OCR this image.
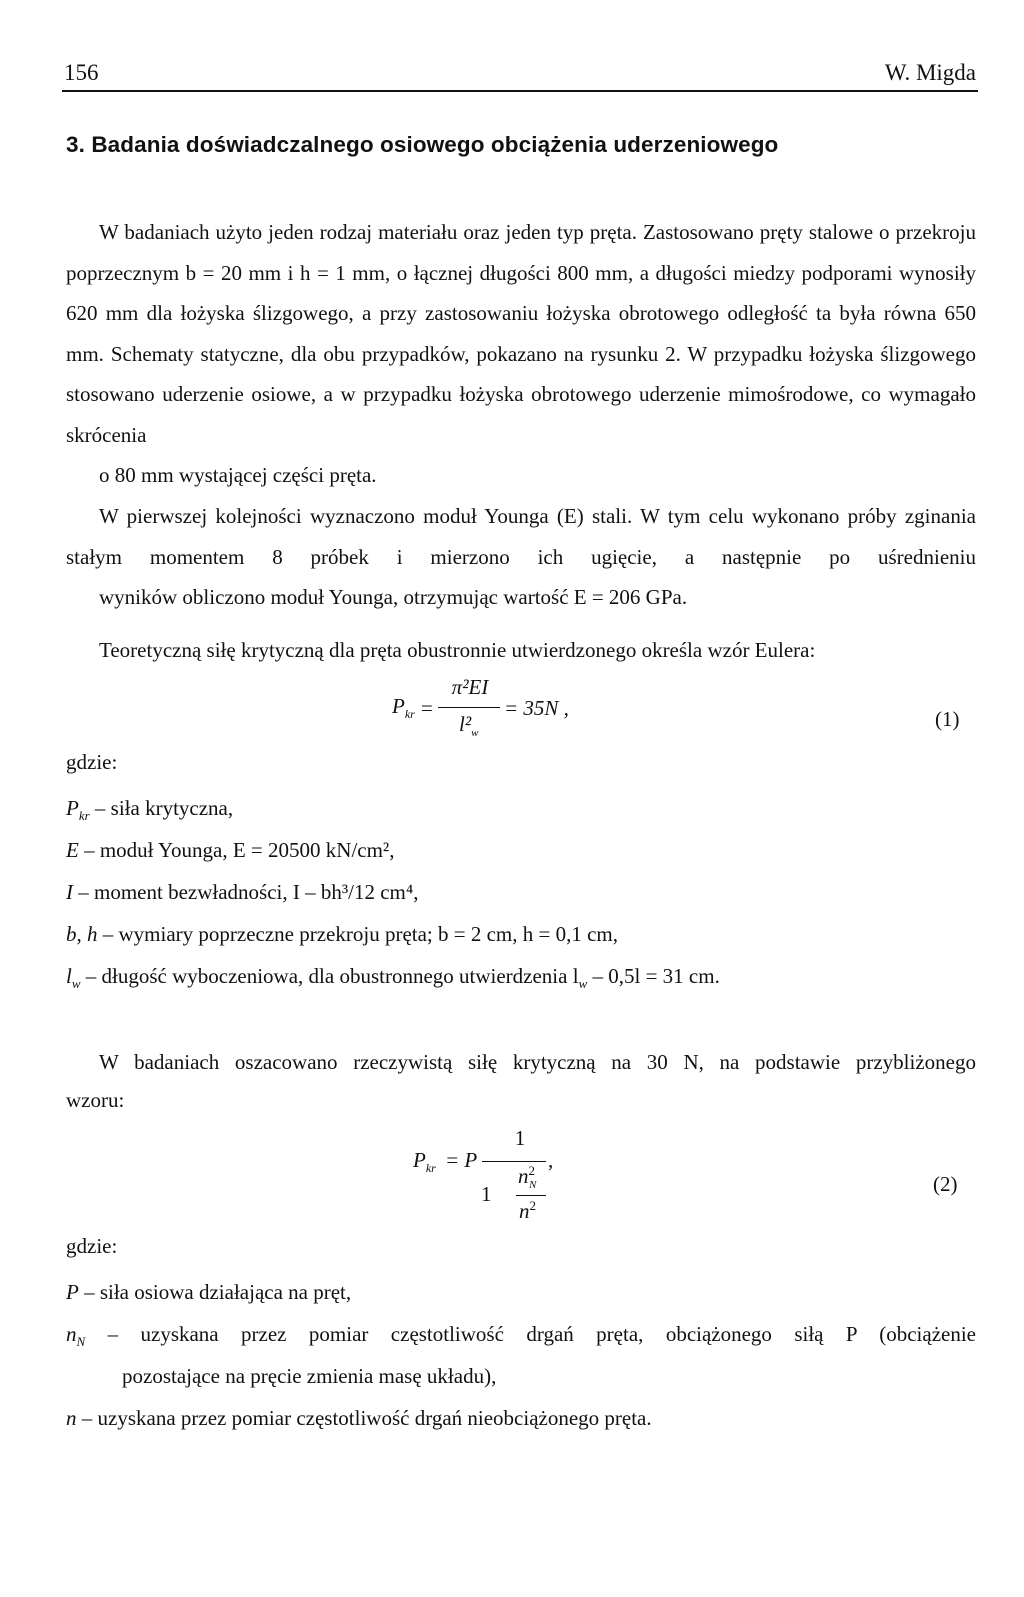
156	W. Migda
3. Badania doświadczalnego osiowego obciążenia uderzeniowego

W badaniach użyto jeden rodzaj materiału oraz jeden typ pręta. Zastosowano pręty stalowe o przekroju poprzecznym b = 20 mm i h = 1 mm, o łącznej długości 800 mm, a długości miedzy podporami wynosiły 620 mm dla łożyska ślizgowego, a przy zastosowaniu łożyska obrotowego odległość ta była równa 650 mm. Schematy statyczne, dla obu przypadków, pokazano na rysunku 2. W przypadku łożyska ślizgowego stosowano uderzenie osiowe, a w przypadku łożyska obrotowego uderzenie mimośrodowe, co wymagało skrócenia
o 80 mm wystającej części pręta.

W pierwszej kolejności wyznaczono moduł Younga (E) stali. W tym celu wykonano próby zginania stałym momentem 8 próbek i mierzono ich ugięcie, a następnie po uśrednieniu
wyników obliczono moduł Younga, otrzymując wartość E = 206 GPa.

Teoretyczną siłę krytyczną dla pręta obustronnie utwierdzonego określa wzór Eulera:

$P_{kr}$ =
π²EI
$l^2_w$
= 35N ,	(1)

gdzie:

$P_{kr}$ – siła krytyczna,

E – moduł Younga, E = 20500 kN/cm²,

I – moment bezwładności, I – bh³/12 cm⁴,

b, h – wymiary poprzeczne przekroju pręta; b = 2 cm, h = 0,1 cm,

$l_w$ – długość wyboczeniowa, dla obustronnego utwierdzenia $l_w - 0,5l = 31$ cm.

W badaniach oszacowano rzeczywistą siłę krytyczną na 30 N, na podstawie przybliżonego

wzoru:

$P_{kr} = P$
1
,
1
$n^2_N$
$n^2$
(2)

gdzie:

P – siła osiowa działająca na pręt,

$n_N$ – uzyskana przez pomiar częstotliwość drgań pręta, obciążonego siłą P (obciążenie

pozostające na pręcie zmienia masę układu),

n – uzyskana przez pomiar częstotliwość drgań nieobciążonego pręta.
